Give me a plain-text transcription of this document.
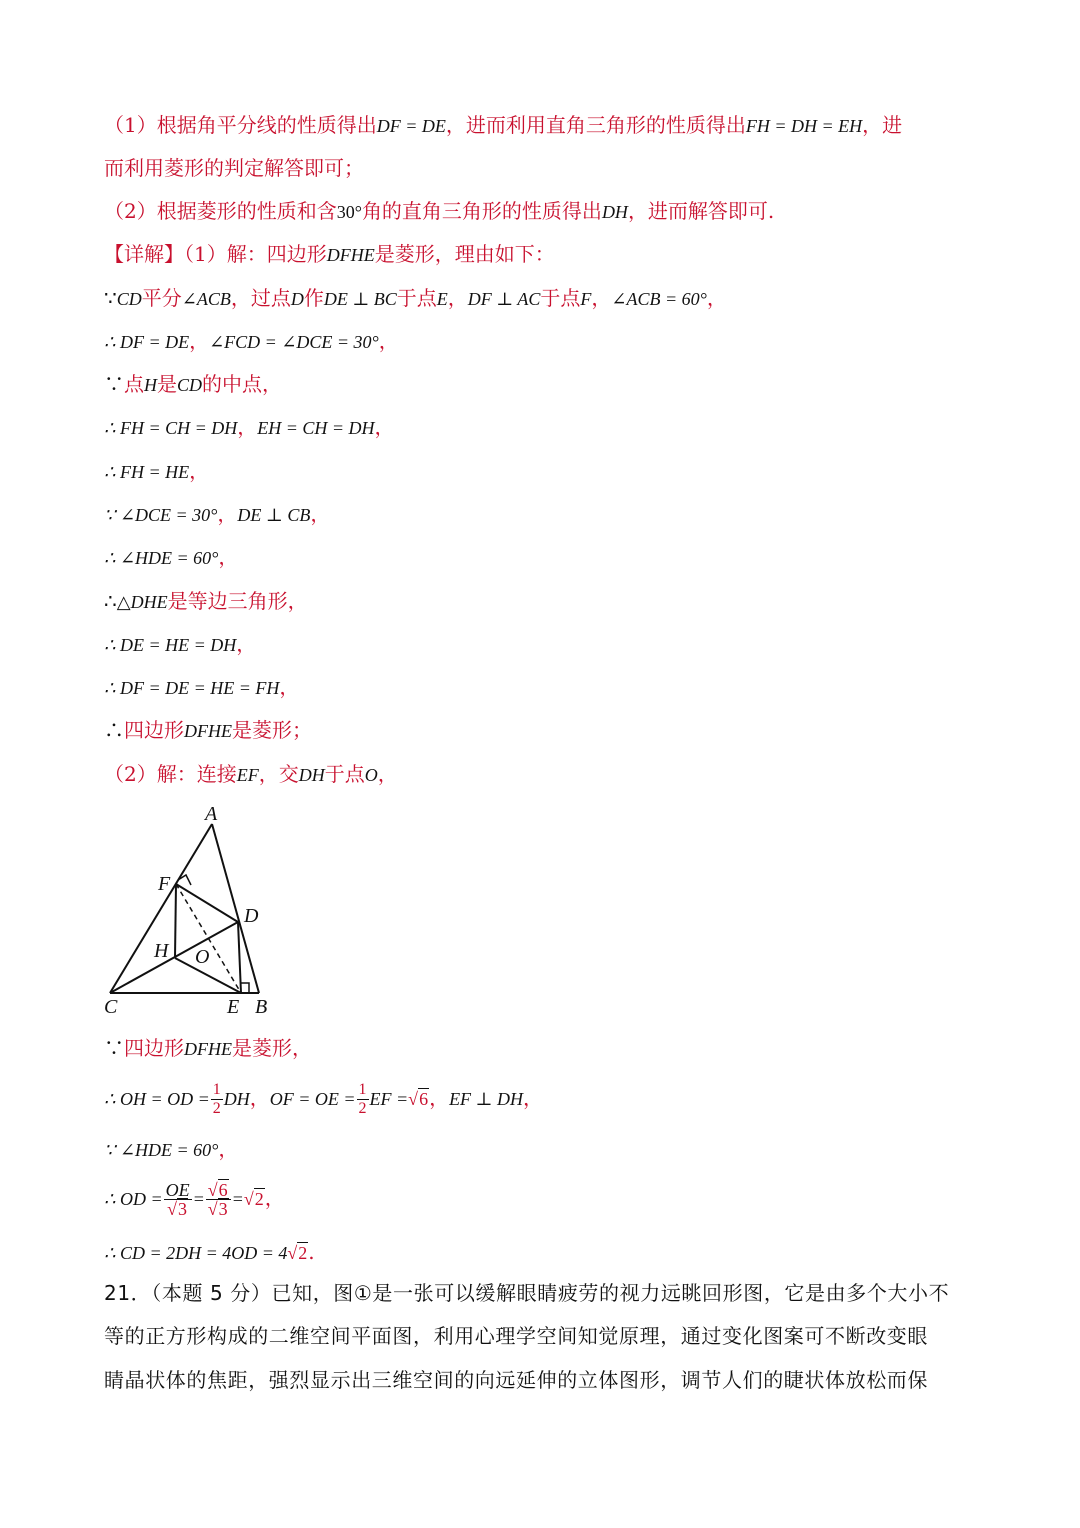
（1）根据角平分线的性质得出DF = DE，进而利用直角三角形的性质得出FH = DH = EH，进
而利用菱形的判定解答即可；
（2）根据菱形的性质和含30°角的直角三角形的性质得出DH，进而解答即可.
【详解】（1）解：四边形DFHE是菱形，理由如下：
∵CD平分∠ACB，过点D作DE ⊥ BC于点E，DF ⊥ AC于点F，∠ACB = 60°，
∴ DF = DE，∠FCD = ∠DCE = 30°，
∵点H是CD的中点，
∴ FH = CH = DH，EH = CH = DH，
∴ FH = HE，
∵ ∠DCE = 30°，DE ⊥ CB，
∴ ∠HDE = 60°，
∴△DHE是等边三角形，
∴ DE = HE = DH，
∴ DF = DE = HE = FH，
∴四边形DFHE是菱形；
（2）解：连接EF，交DH于点O，
A
F
D
H O
C	E B
∵四边形DFHE是菱形，
∴ OH = OD = $\frac{1}{2}$ DH，OF = OE = $\frac{1}{2}$ EF =√6，EF ⊥ DH，
∵ ∠HDE = 60°，
∴ OD = $\frac{OE}{√3} = \frac{√6}{√3} =√2$，
∴ CD = 2DH = 4OD = 4√2.
21．（本题 5 分）已知，图①是一张可以缓解眼睛疲劳的视力远眺回形图，它是由多个大小不
等的正方形构成的二维空间平面图，利用心理学空间知觉原理，通过变化图案可不断改变眼
睛晶状体的焦距，强烈显示出三维空间的向远延伸的立体图形，调节人们的睫状体放松而保
